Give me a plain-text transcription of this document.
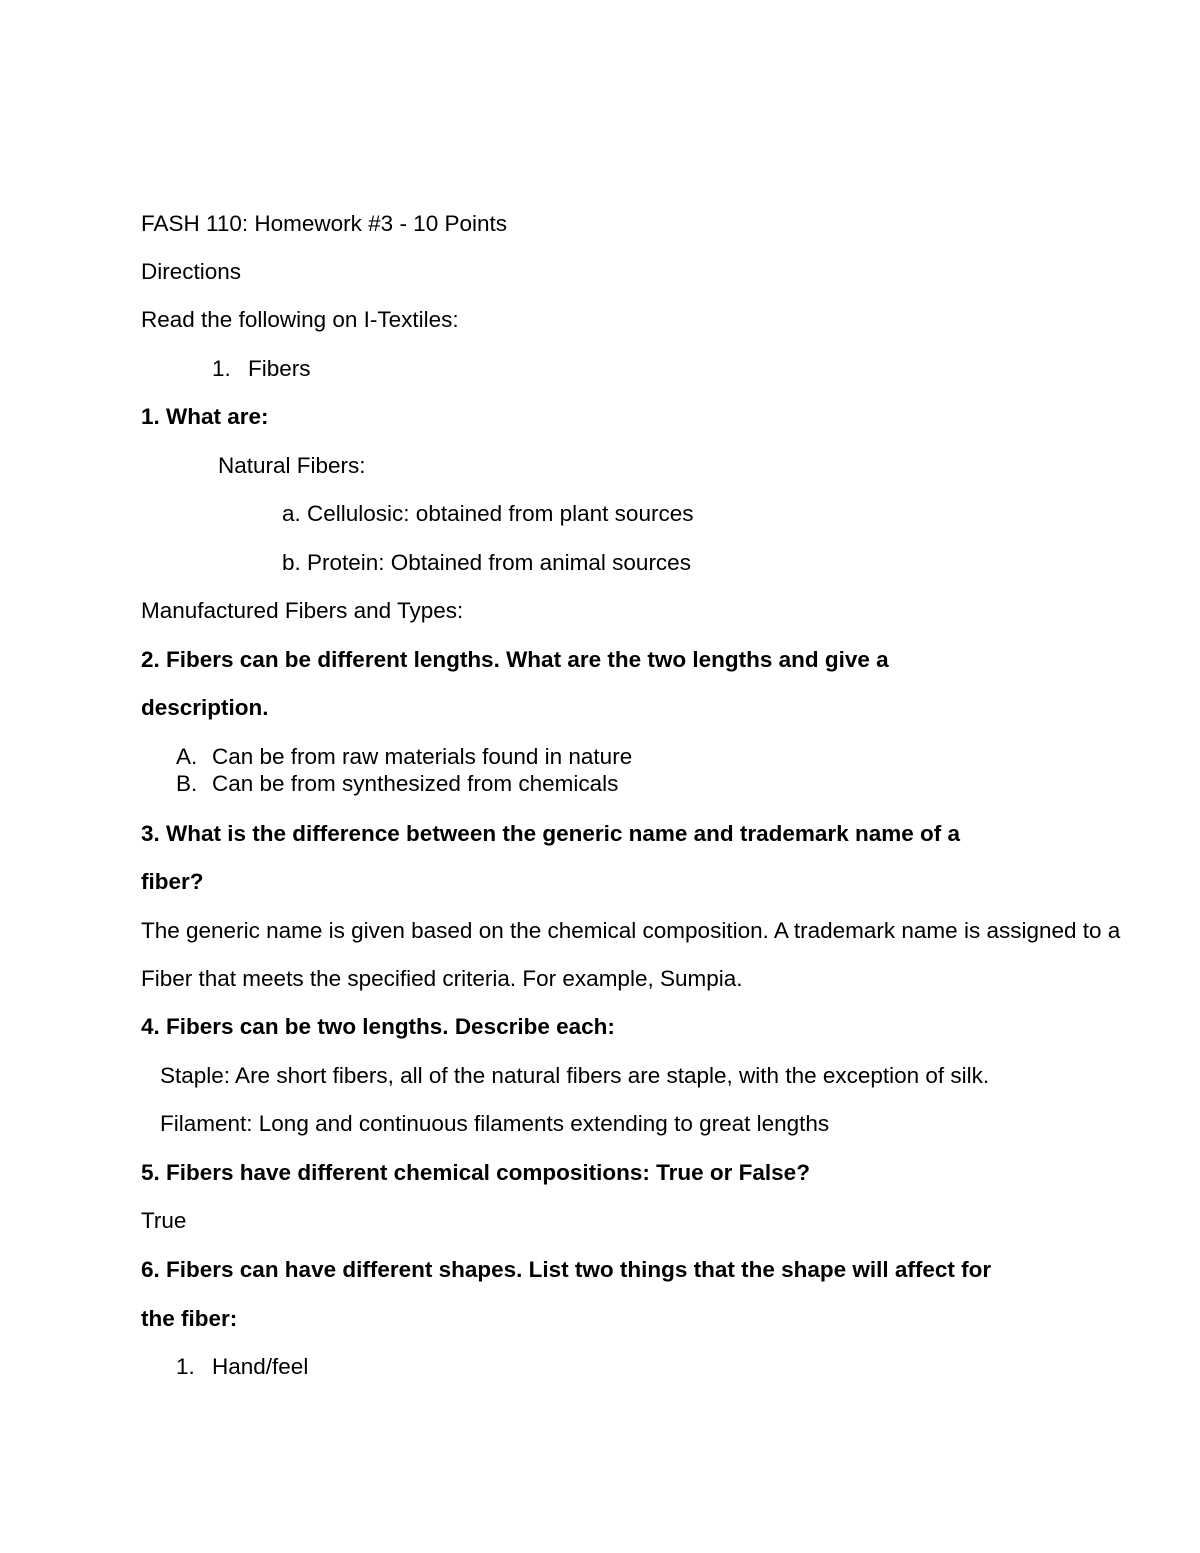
FASH 110: Homework #3 - 10 Points
Directions
Read the following on I-Textiles:
1. Fibers
1. What are:
Natural Fibers:
a. Cellulosic: obtained from plant sources
b. Protein: Obtained from animal sources
Manufactured Fibers and Types:
2. Fibers can be different lengths. What are the two lengths and give a
description.
A. Can be from raw materials found in nature
B. Can be from synthesized from chemicals
3. What is the difference between the generic name and trademark name of a
fiber?
The generic name is given based on the chemical composition. A trademark name is assigned to a
Fiber that meets the specified criteria. For example, Sumpia.
4. Fibers can be two lengths. Describe each:
Staple: Are short fibers, all of the natural fibers are staple, with the exception of silk.
Filament: Long and continuous filaments extending to great lengths
5. Fibers have different chemical compositions: True or False?
True
6. Fibers can have different shapes. List two things that the shape will affect for
the fiber:
1. Hand/feel
